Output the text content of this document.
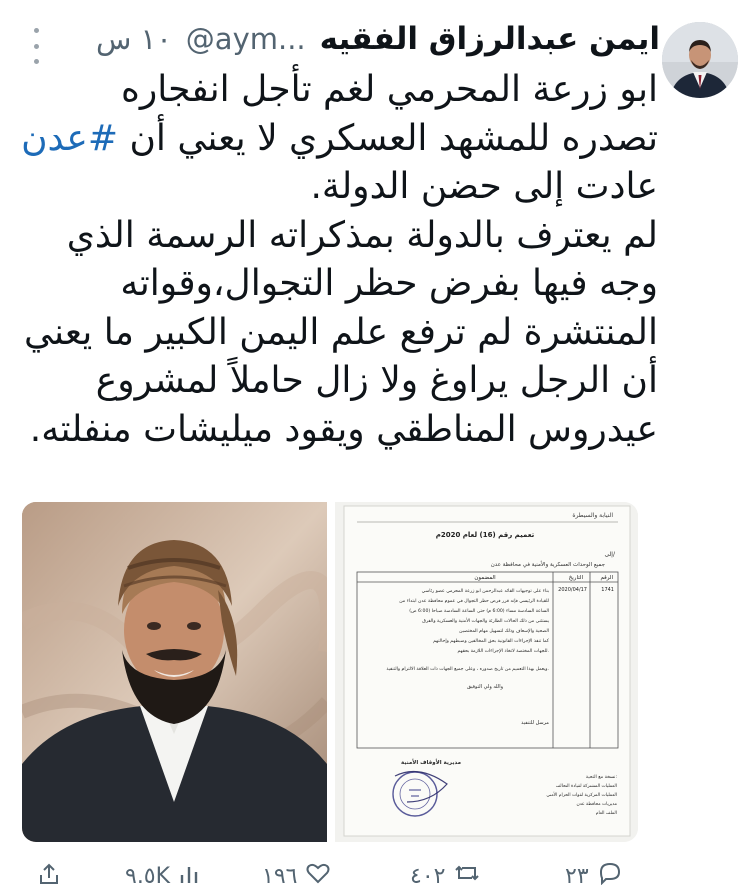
ايمن عبدالرزاق الفقيه
@aym...
١٠ س

ابو زرعة المحرمي لغم تأجل انفجاره تصدره للمشهد العسكري لا يعني أن #عدن عادت إلى حضن الدولة.

لم يعترف بالدولة بمذكراته الرسمة الذي وجه فيها بفرض حظر التجوال،وقواته المنتشرة لم ترفع علم اليمن الكبير ما يعني أن الرجل يراوغ ولا زال حاملاً لمشروع عيدروس المناطقي ويقود ميليشات منفلته.

النيابة والسيطرة
تعميم رقم (16) لعام 2020م
إلى/
جميع الوحدات العسكرية والأمنية في محافظة عدن
الرقم
التاريخ
المضمون
1741
2020/04/17
بناء على توجيهات القائد عبدالرحمن ابو زرعة المحرمي عضو رئاسي
للقيادة الرئيسي فإنه قرر فرض حظر التجوال في عموم محافظة عدن ابتداء من
الساعة السادسة مساء (6:00 م) حتى الساعة السادسة صباحا (6:00 ص)
يستثنى من ذلك الحالات الطارئة والجهات الأمنية والعسكرية والفرق
الصحية والإسعاف وذلك لتسهيل مهام المختصين
كما تنفذ الإجراءات القانونية بحق المخالفين وضبطهم وإحالتهم
للجهات المختصة لاتخاذ الإجراءات اللازمة بحقهم.
ويعمل بهذا التعميم من تاريخ صدوره ، وعلى جميع الجهات ذات العلاقة الالتزام والتنفيذ.
والله ولي التوفيق
مرسل للتنفيذ
مديرية الأوقاف الأمنية
نسخة مع التحية:
العمليات المشتركة لقيادة التحالف
العمليات المركزية لقوات الحزام الأمني
مديريات محافظة عدن
الملف العام
٢٣
٤٠٢
١٩٦
٩.٥K
